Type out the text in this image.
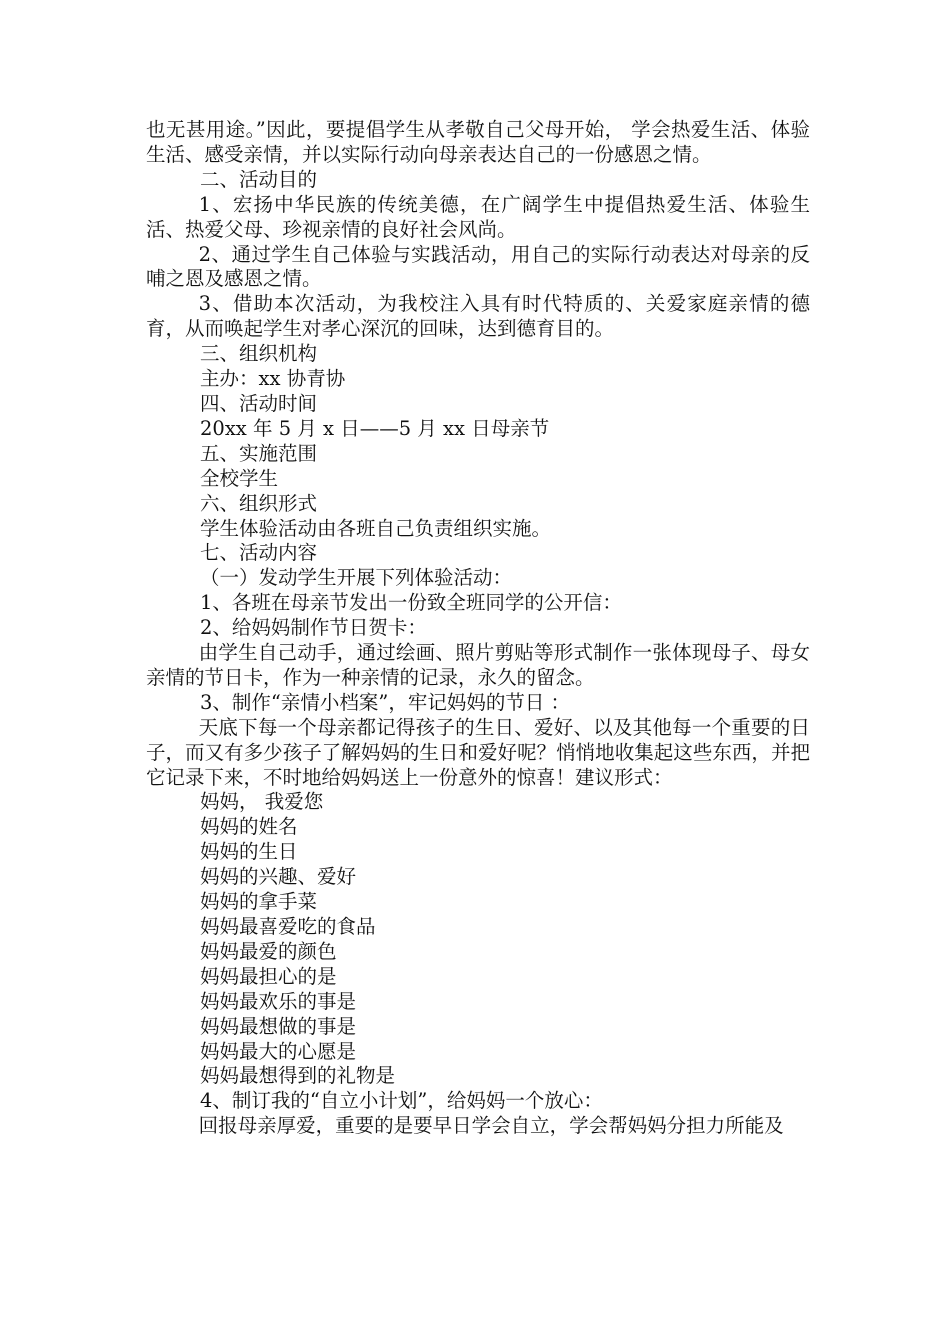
也无甚用途。”因此，要提倡学生从孝敬自己父母开始， 学会热爱生活、体验生活、感受亲情，并以实际行动向母亲表达自己的一份感恩之情。

二、活动目的

1、宏扬中华民族的传统美德，在广阔学生中提倡热爱生活、体验生活、热爱父母、珍视亲情的良好社会风尚。

2、通过学生自己体验与实践活动，用自己的实际行动表达对母亲的反哺之恩及感恩之情。

3、借助本次活动，为我校注入具有时代特质的、关爱家庭亲情的德育，从而唤起学生对孝心深沉的回味，达到德育目的。

三、组织机构

主办：xx 协青协

四、活动时间

20xx 年 5 月 x 日——5 月 xx 日母亲节

五、实施范围

全校学生

六、组织形式

学生体验活动由各班自己负责组织实施。

七、活动内容

（一）发动学生开展下列体验活动：

1、各班在母亲节发出一份致全班同学的公开信：

2、给妈妈制作节日贺卡：

由学生自己动手，通过绘画、照片剪贴等形式制作一张体现母子、母女亲情的节日卡，作为一种亲情的记录，永久的留念。

3、制作“亲情小档案”，牢记妈妈的节日 ：

天底下每一个母亲都记得孩子的生日、爱好、以及其他每一个重要的日子，而又有多少孩子了解妈妈的生日和爱好呢？悄悄地收集起这些东西，并把它记录下来，不时地给妈妈送上一份意外的惊喜！建议形式：

妈妈， 我爱您

妈妈的姓名

妈妈的生日

妈妈的兴趣、爱好

妈妈的拿手菜

妈妈最喜爱吃的食品

妈妈最爱的颜色

妈妈最担心的是

妈妈最欢乐的事是

妈妈最想做的事是

妈妈最大的心愿是

妈妈最想得到的礼物是

4、制订我的“自立小计划”，给妈妈一个放心：

回报母亲厚爱，重要的是要早日学会自立，学会帮妈妈分担力所能及
